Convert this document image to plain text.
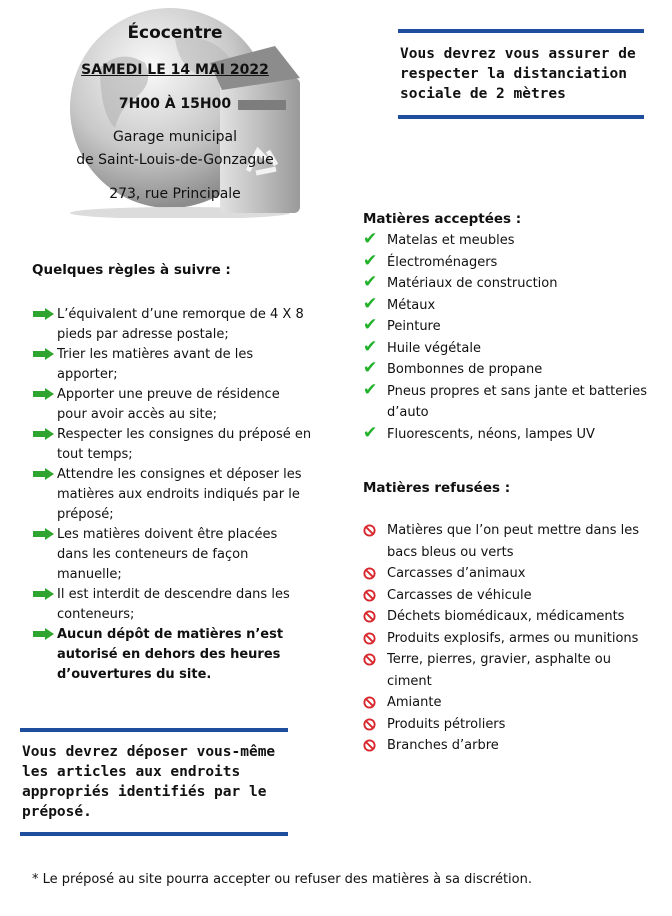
Écocentre
SAMEDI LE 14 MAI 2022
7H00 À 15H00
Garage municipal
de Saint-Louis-de-Gonzague
273, rue Principale
Vous devrez vous assurer de respecter la distanciation sociale de 2 mètres
Quelques règles à suivre :
L’équivalent d’une remorque de 4 X 8 pieds par adresse postale;
Trier les matières avant de les apporter;
Apporter une preuve de résidence pour avoir accès au site;
Respecter les consignes du préposé en tout temps;
Attendre les consignes et déposer les matières aux endroits indiqués par le préposé;
Les matières doivent être placées dans les conteneurs de façon manuelle;
Il est interdit de descendre dans les conteneurs;
Aucun dépôt de matières n’est autorisé en dehors des heures d’ouvertures du site.
Matières acceptées :
✔ Matelas et meubles
✔ Électroménagers
✔ Matériaux de construction
✔ Métaux
✔ Peinture
✔ Huile végétale
✔ Bombonnes de propane
✔ Pneus propres et sans jante et batteries d’auto
✔ Fluorescents, néons, lampes UV
Matières refusées :
Matières que l’on peut mettre dans les bacs bleus ou verts
Carcasses d’animaux
Carcasses de véhicule
Déchets biomédicaux, médicaments
Produits explosifs, armes ou munitions
Terre, pierres, gravier, asphalte ou ciment
Amiante
Produits pétroliers
Branches d’arbre
Vous devrez déposer vous-même les articles aux endroits appropriés identifiés par le préposé.
* Le préposé au site pourra accepter ou refuser des matières à sa discrétion.
